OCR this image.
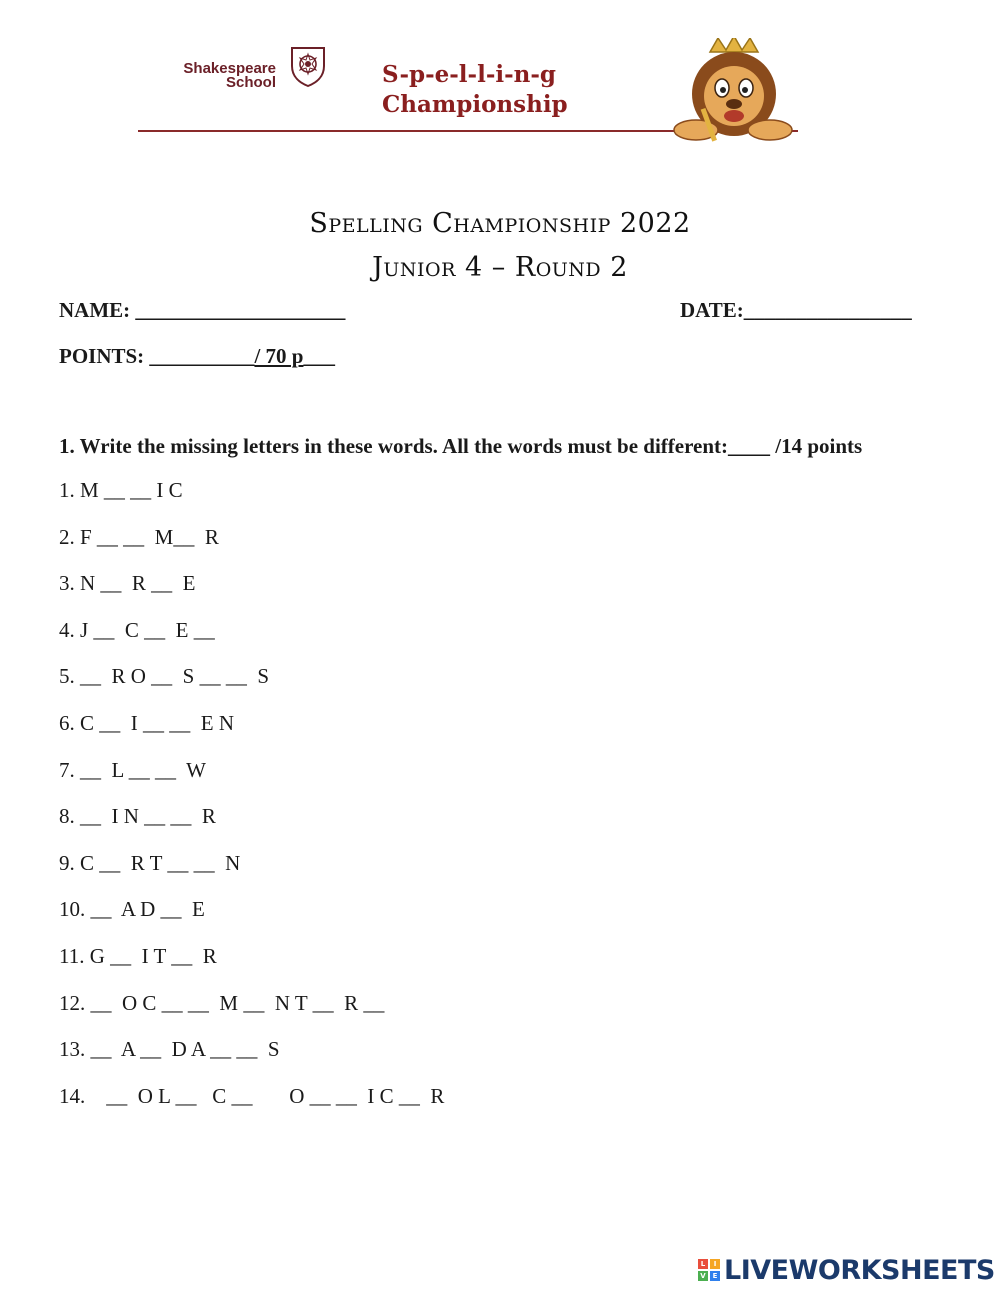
Shakespeare
School	S-p-e-l-l-i-n-g
Championship
Spelling Championship 2022
Junior 4 – Round 2
NAME: ____________________	DATE:________________
POINTS: __________/ 70 p___
1. Write the missing letters in these words. All the words must be different:____ /14 points
1. M __ __ I C
2. F __ __  M__  R
3. N __  R __  E
4. J __  C __  E __
5. __  R O __  S __ __  S
6. C __  I __ __  E N
7. __  L __ __  W
8. __  I N __ __  R
9. C __  R T __ __  N
10. __  A D __  E
11. G __  I T __  R
12. __  O C __ __  M __  N T __  R __
13. __  A __  D A __ __  S
14.    __  O L __   C __       O __ __  I C __  R
L	I
V E LIVEWORKSHEETS
